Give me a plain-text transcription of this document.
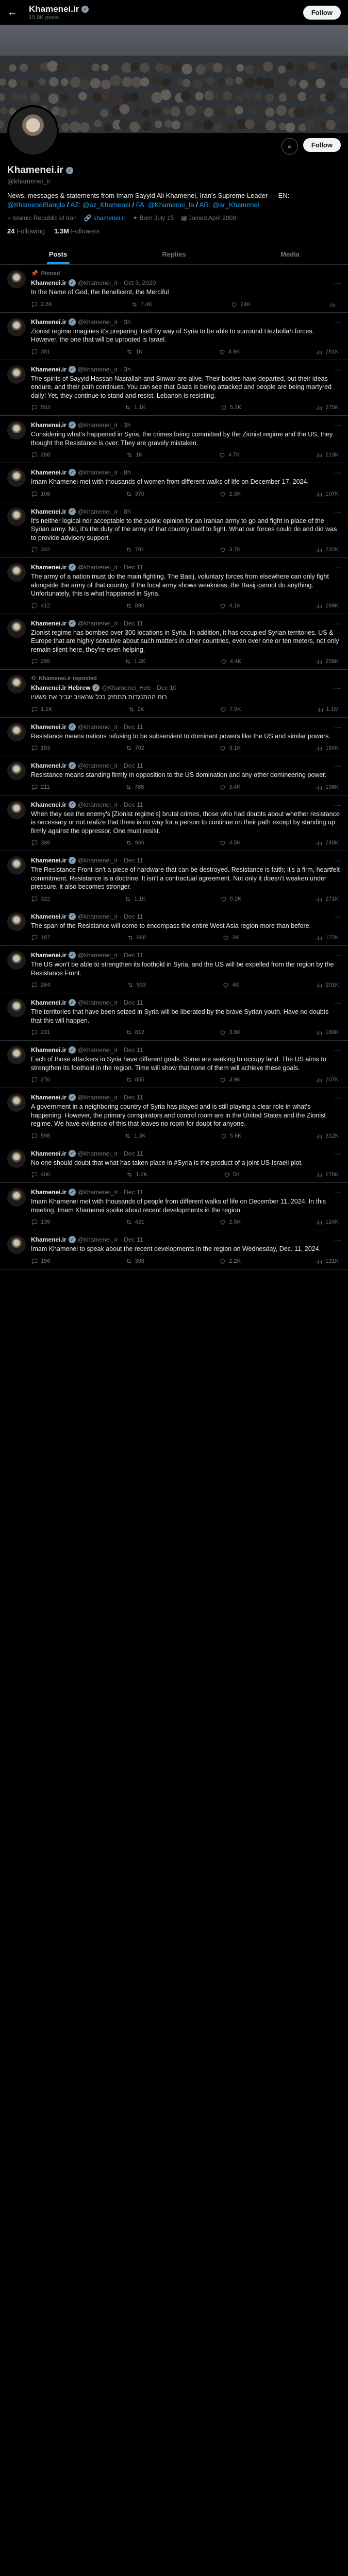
← Khamenei.ir ✓
15.8K posts
Follow
⌕	Follow
Khamenei.ir ✓
@khamenei_ir
News, messages & statements from Imam Sayyid Ali Khamenei, Iran's Supreme Leader — EN: @KhameneiBangla / AZ: @az_Khamenei / FA: @Khamenei_fa / AR: @ar_Khamenei
⌖ Islamic Republic of Iran 🔗 khamenei.ir ✦ Born July 15 ▦ Joined April 2009
24 Following 1.3M Followers
Posts	Replies	Media
📌 Pinned
Khamenei.ir ✓ @khamenei_ir · Oct 3, 2020	···
In the Name of God, the Beneficent, the Merciful
2.6K	7.4K	24K
Khamenei.ir ✓ @khamenei_ir · 3h	···
Zionist regime imagines it's preparing itself by way of Syria to be able to surround Hezbollah forces. However, the one that will be uprooted is Israel.
381	1K	4.9K	281K
Khamenei.ir ✓ @khamenei_ir · 3h	···
The spirits of Sayyid Hassan Nasrallah and Sinwar are alive. Their bodies have departed, but their ideas endure, and their path continues. You can see that Gaza is being attacked and people are being martyred daily! Yet, they continue to stand and resist. Lebanon is resisting.
503	1.1K	5.3K	275K
Khamenei.ir ✓ @khamenei_ir · 3h	···
Considering what's happened in Syria, the crimes being committed by the Zionist regime and the US, they thought the Resistance is over. They are gravely mistaken.
288	1K	4.7K	213K
Khamenei.ir ✓ @khamenei_ir · 8h	···
Imam Khamenei met with thousands of women from different walks of life on December 17, 2024.
108	370	2.3K	107K
Khamenei.ir ✓ @khamenei_ir · 8h	···
It's neither logical nor acceptable to the public opinion for an Iranian army to go and fight in place of the Syrian army. No, it's the duty of the army of that country itself to fight. What our forces could do and did was to provide advisory support.
342	791	3.7K	232K
Khamenei.ir ✓ @khamenei_ir · Dec 11	···
The army of a nation must do the main fighting. The Basij, voluntary forces from elsewhere can only fight alongside the army of that country. If the local army shows weakness, the Basij cannot do anything. Unfortunately, this is what happened in Syria.
412	890	4.1K	299K
Khamenei.ir ✓ @khamenei_ir · Dec 11	···
Zionist regime has bombed over 300 locations in Syria. In addition, it has occupied Syrian territories. US & Europe that are highly sensitive about such matters in other countries, even over one or ten meters, not only remain silent here, they're even helping.
295	1.2K	4.4K	258K
⟲ Khamenei.ir reposted
Khamenei.ir Hebrew ✓ @Khamenei_Heb · Dec 10	···
רוח ההתנגדות תתחזק ככל שהאויב יגביר את פשעיו
1.2K	2K	7.9K	1.1M
Khamenei.ir ✓ @khamenei_ir · Dec 11	···
Resistance means nations refusing to be subservient to dominant powers like the US and similar powers.
153	702	3.1K	184K
Khamenei.ir ✓ @khamenei_ir · Dec 11	···
Resistance means standing firmly in opposition to the US domination and any other domineering power.
211	785	3.4K	196K
Khamenei.ir ✓ @khamenei_ir · Dec 11	···
When they see the enemy's [Zionist regime's] brutal crimes, those who had doubts about whether resistance is necessary or not realize that there is no way for a person to continue on their path except by standing up firmly against the oppressor. One must resist.
389	946	4.5K	248K
Khamenei.ir ✓ @khamenei_ir · Dec 11	···
The Resistance Front isn't a piece of hardware that can be destroyed. Resistance is faith; it's a firm, heartfelt commitment. Resistance is a doctrine. It isn't a contractual agreement. Not only it doesn't weaken under pressure, it also becomes stronger.
322	1.1K	5.2K	271K
Khamenei.ir ✓ @khamenei_ir · Dec 11	···
The span of the Resistance will come to encompass the entire West Asia region more than before.
187	668	3K	172K
Khamenei.ir ✓ @khamenei_ir · Dec 11	···
The US won't be able to strengthen its foothold in Syria, and the US will be expelled from the region by the Resistance Front.
264	903	4K	201K
Khamenei.ir ✓ @khamenei_ir · Dec 11	···
The territories that have been seized in Syria will be liberated by the brave Syrian youth. Have no doubts that this will happen.
231	812	3.8K	189K
Khamenei.ir ✓ @khamenei_ir · Dec 11	···
Each of those attackers in Syria have different goals. Some are seeking to occupy land. The US aims to strengthen its foothold in the region. Time will show that none of them will achieve these goals.
276	855	3.9K	207K
Khamenei.ir ✓ @khamenei_ir · Dec 11	···
A government in a neighboring country of Syria has played and is still playing a clear role in what's happening. However, the primary conspirators and control room are in the United States and the Zionist regime. We have evidence of this that leaves no room for doubt for anyone.
598	1.3K	5.6K	312K
Khamenei.ir ✓ @khamenei_ir · Dec 11	···
No one should doubt that what has taken place in #Syria is the product of a joint US-Israeli plot.
406	1.2K	5K	278K
Khamenei.ir ✓ @khamenei_ir · Dec 11	···
Imam Khamenei met with thousands of people from different walks of life on December 11, 2024. In this meeting, Imam Khamenei spoke about recent developments in the region.
139	421	2.5K	124K
Khamenei.ir ✓ @khamenei_ir · Dec 11	···
Imam Khamenei to speak about the recent developments in the region on Wednesday, Dec. 11, 2024.
156	398	2.2K	131K
